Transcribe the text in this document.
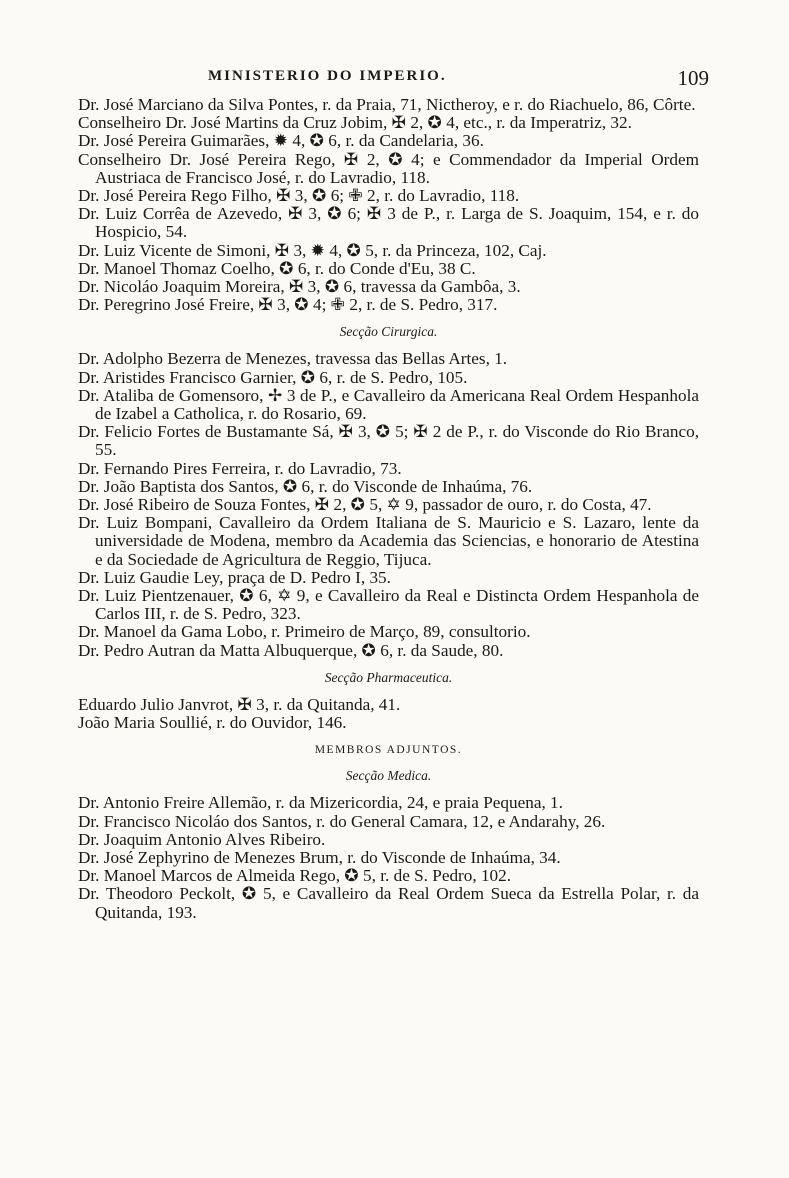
MINISTERIO DO IMPERIO.	109

Dr. José Marciano da Silva Pontes, r. da Praia, 71, Nictheroy, e r. do Riachuelo, 86, Côrte.

Conselheiro Dr. José Martins da Cruz Jobim, ✠ 2, ✪ 4, etc., r. da Imperatriz, 32.

Dr. José Pereira Guimarães, ✹ 4, ✪ 6, r. da Candelaria, 36.

Conselheiro Dr. José Pereira Rego, ✠ 2, ✪ 4; e Commendador da Imperial Ordem Austriaca de Francisco José, r. do Lavradio, 118.

Dr. José Pereira Rego Filho, ✠ 3, ✪ 6; ✙ 2, r. do Lavradio, 118.

Dr. Luiz Corrêa de Azevedo, ✠ 3, ✪ 6; ✠ 3 de P., r. Larga de S. Joaquim, 154, e r. do Hospicio, 54.

Dr. Luiz Vicente de Simoni, ✠ 3, ✹ 4, ✪ 5, r. da Princeza, 102, Caj.

Dr. Manoel Thomaz Coelho, ✪ 6, r. do Conde d'Eu, 38 C.

Dr. Nicoláo Joaquim Moreira, ✠ 3, ✪ 6, travessa da Gambôa, 3.

Dr. Peregrino José Freire, ✠ 3, ✪ 4; ✙ 2, r. de S. Pedro, 317.

Secção Cirurgica.

Dr. Adolpho Bezerra de Menezes, travessa das Bellas Artes, 1.

Dr. Aristides Francisco Garnier, ✪ 6, r. de S. Pedro, 105.

Dr. Ataliba de Gomensoro, ✢ 3 de P., e Cavalleiro da Americana Real Ordem Hespanhola de Izabel a Catholica, r. do Rosario, 69.

Dr. Felicio Fortes de Bustamante Sá, ✠ 3, ✪ 5; ✠ 2 de P., r. do Visconde do Rio Branco, 55.

Dr. Fernando Pires Ferreira, r. do Lavradio, 73.

Dr. João Baptista dos Santos, ✪ 6, r. do Visconde de Inhaúma, 76.

Dr. José Ribeiro de Souza Fontes, ✠ 2, ✪ 5, ✡ 9, passador de ouro, r. do Costa, 47.

Dr. Luiz Bompani, Cavalleiro da Ordem Italiana de S. Mauricio e S. Lazaro, lente da universidade de Modena, membro da Academia das Sciencias, e honorario de Atestina e da Sociedade de Agricultura de Reggio, Tijuca.

Dr. Luiz Gaudie Ley, praça de D. Pedro I, 35.

Dr. Luiz Pientzenauer, ✪ 6, ✡ 9, e Cavalleiro da Real e Distincta Ordem Hespanhola de Carlos III, r. de S. Pedro, 323.

Dr. Manoel da Gama Lobo, r. Primeiro de Março, 89, consultorio.

Dr. Pedro Autran da Matta Albuquerque, ✪ 6, r. da Saude, 80.

Secção Pharmaceutica.

Eduardo Julio Janvrot, ✠ 3, r. da Quitanda, 41.

João Maria Soullié, r. do Ouvidor, 146.

MEMBROS ADJUNTOS.
Secção Medica.

Dr. Antonio Freire Allemão, r. da Mizericordia, 24, e praia Pequena, 1.

Dr. Francisco Nicoláo dos Santos, r. do General Camara, 12, e Andarahy, 26.

Dr. Joaquim Antonio Alves Ribeiro.

Dr. José Zephyrino de Menezes Brum, r. do Visconde de Inhaúma, 34.

Dr. Manoel Marcos de Almeida Rego, ✪ 5, r. de S. Pedro, 102.

Dr. Theodoro Peckolt, ✪ 5, e Cavalleiro da Real Ordem Sueca da Estrella Polar, r. da Quitanda, 193.
